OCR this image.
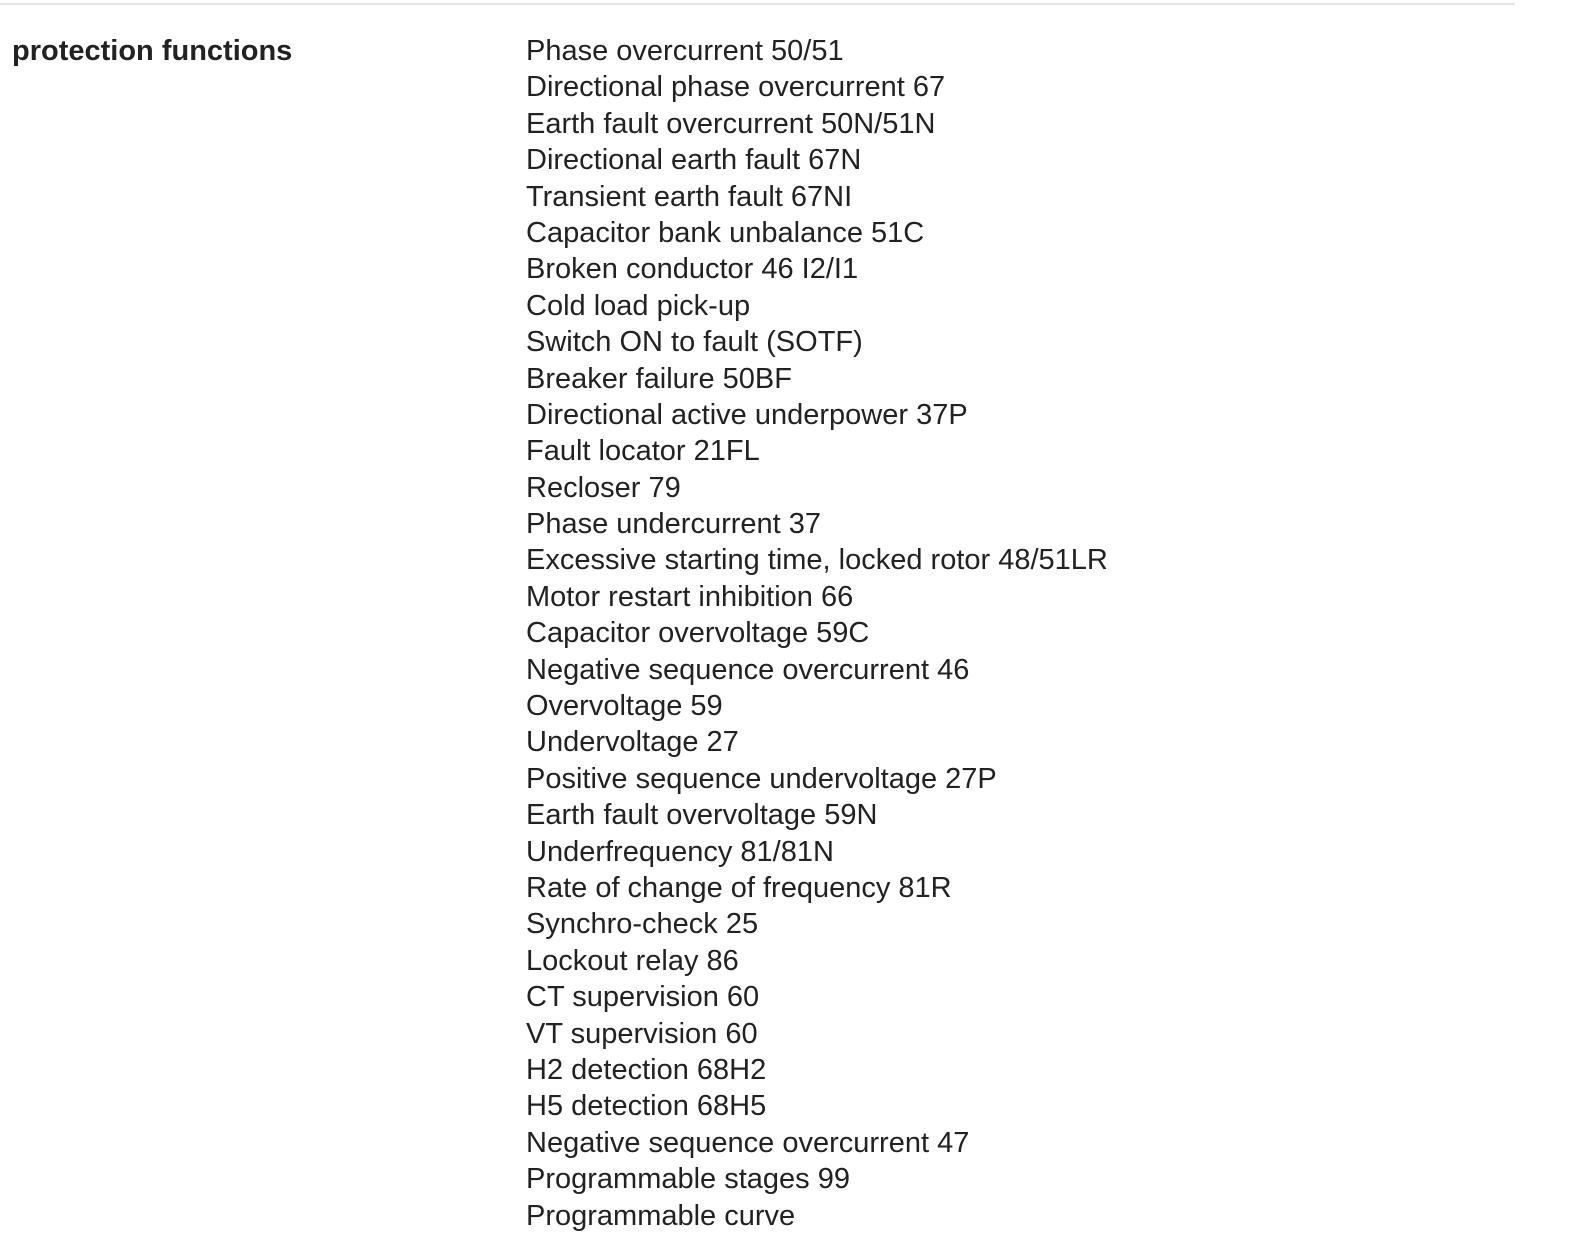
protection functions	Phase overcurrent 50/51
Directional phase overcurrent 67
Earth fault overcurrent 50N/51N
Directional earth fault 67N
Transient earth fault 67NI
Capacitor bank unbalance 51C
Broken conductor 46 I2/I1
Cold load pick-up
Switch ON to fault (SOTF)
Breaker failure 50BF
Directional active underpower 37P
Fault locator 21FL
Recloser 79
Phase undercurrent 37
Excessive starting time, locked rotor 48/51LR
Motor restart inhibition 66
Capacitor overvoltage 59C
Negative sequence overcurrent 46
Overvoltage 59
Undervoltage 27
Positive sequence undervoltage 27P
Earth fault overvoltage 59N
Underfrequency 81/81N
Rate of change of frequency 81R
Synchro-check 25
Lockout relay 86
CT supervision 60
VT supervision 60
H2 detection 68H2
H5 detection 68H5
Negative sequence overcurrent 47
Programmable stages 99
Programmable curve
